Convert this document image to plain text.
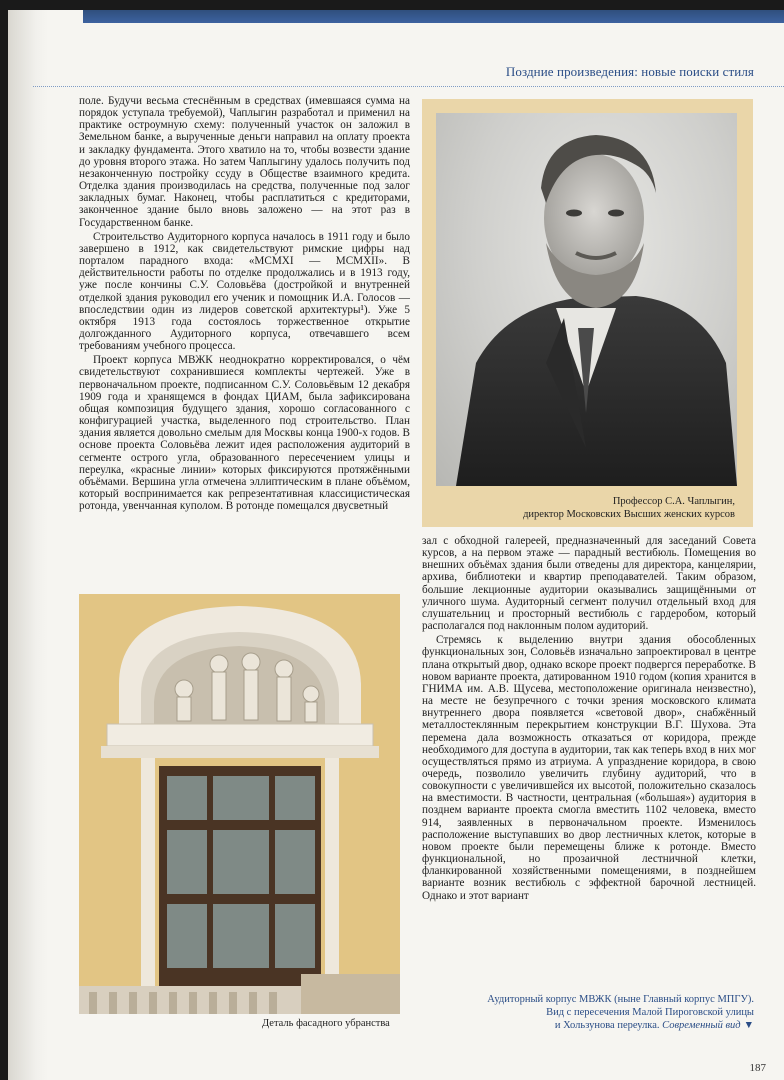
Поздние произведения: новые поиски стиля

поле. Будучи весьма стеснённым в средствах (имевшаяся сумма на порядок уступала требуемой), Чаплыгин разработал и применил на практике остроумную схему: полученный участок он заложил в Земельном банке, а вырученные деньги направил на оплату проекта и закладку фундамента. Этого хватило на то, чтобы возвести здание до уровня второго этажа. Но затем Чаплыгину удалось получить под незаконченную постройку ссуду в Обществе взаимного кредита. Отделка здания производилась на средства, полученные под залог закладных бумаг. Наконец, чтобы расплатиться с кредиторами, законченное здание было вновь заложено — на этот раз в Государственном банке.

Строительство Аудиторного корпуса началось в 1911 году и было завершено в 1912, как свидетельствуют римские цифры над порталом парадного входа: «MCMXI — MCMXII». В действительности работы по отделке продолжались и в 1913 году, уже после кончины С.У. Соловьёва (достройкой и внутренней отделкой здания руководил его ученик и помощник И.А. Голосов — впоследствии один из лидеров советской архитектуры¹). Уже 5 октября 1913 года состоялось торжественное открытие долгожданного Аудиторного корпуса, отвечавшего всем требованиям учебного процесса.

Проект корпуса МВЖК неоднократно корректировался, о чём свидетельствуют сохранившиеся комплекты чертежей. Уже в первоначальном проекте, подписанном С.У. Соловьёвым 12 декабря 1909 года и хранящемся в фондах ЦИАМ, была зафиксирована общая композиция будущего здания, хорошо согласованного с конфигурацией участка, выделенного под строительство. План здания является довольно смелым для Москвы конца 1900-х годов. В основе проекта Соловьёва лежит идея расположения аудиторий в сегменте острого угла, образованного пересечением улицы и переулка, «красные линии» которых фиксируются протяжёнными объёмами. Вершина угла отмечена эллиптическим в плане объёмом, который воспринимается как репрезентативная классицистическая ротонда, увенчанная куполом. В ротонде помещался двусветный	Профессор С.А. Чаплыгин,
директор Московских Высших женских курсов

зал с обходной галереей, предназначенный для заседаний Совета курсов, а на первом этаже — парадный вестибюль. Помещения во внешних объёмах здания были отведены для директора, канцелярии, архива, библиотеки и квартир преподавателей. Таким образом, большие лекционные аудитории оказывались защищёнными от уличного шума. Аудиторный сегмент получил отдельный вход для слушательниц и просторный вестибюль с гардеробом, который располагался под наклонным полом аудиторий.

Стремясь к выделению внутри здания обособленных функциональных зон, Соловьёв изначально запроектировал в центре плана открытый двор, однако вскоре проект подвергся переработке. В новом варианте проекта, датированном 1910 годом (копия хранится в ГНИМА им. А.В. Щусева, местоположение оригинала неизвестно), на месте не безупречного с точки зрения московского климата внутреннего двора появляется «световой двор», снабжённый металлостеклянным перекрытием конструкции В.Г. Шухова. Эта перемена дала возможность отказаться от коридора, прежде необходимого для доступа в аудитории, так как теперь вход в них мог осуществляться прямо из атриума. А упразднение коридора, в свою очередь, позволило увеличить глубину аудиторий, что в совокупности с увеличившейся их высотой, положительно сказалось на вместимости. В частности, центральная («большая») аудитория в позднем варианте проекта смогла вместить 1102 человека, вместо 914, заявленных в первоначальном проекте. Изменилось расположение выступавших во двор лестничных клеток, которые в новом проекте были перемещены ближе к ротонде. Вместо функциональной, но прозаичной лестничной клетки, фланкированной хозяйственными помещениями, в позднейшем варианте возник вестибюль с эффектной барочной лестницей. Однако и этот вариант

Деталь фасадного убранства
Аудиторный корпус МВЖК (ныне Главный корпус МПГУ).
Вид с пересечения Малой Пироговской улицы
и Хользунова переулка. Современный вид ▼
187
